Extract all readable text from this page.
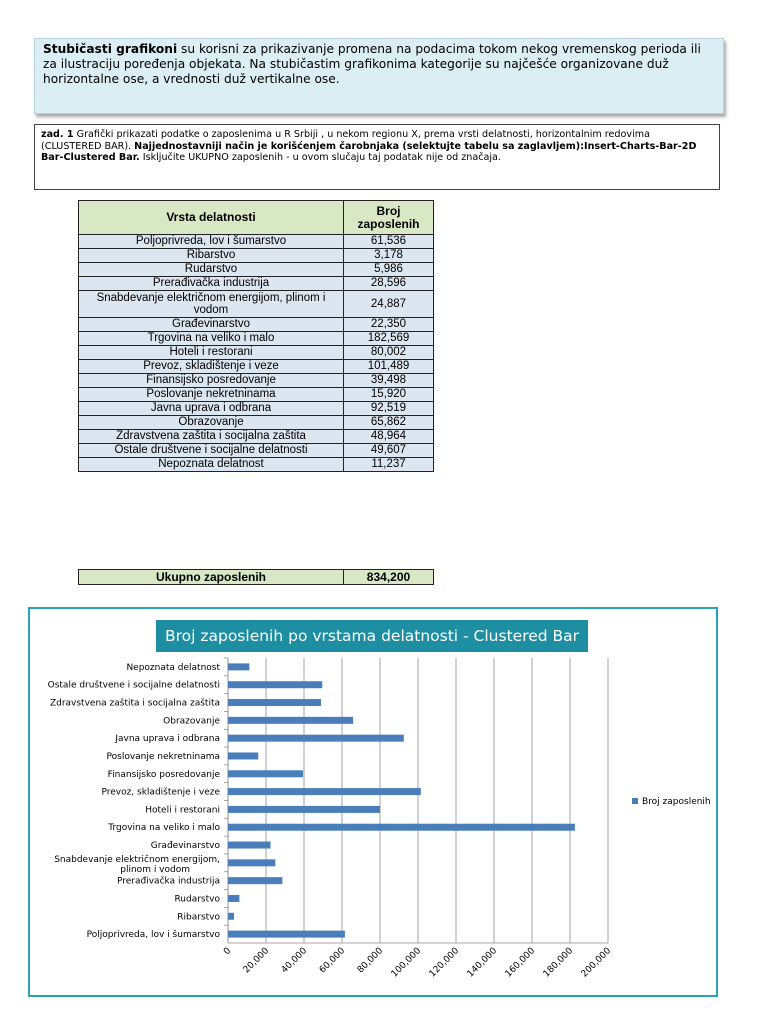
Stubičasti grafikoni su korisni za prikazivanje promena na podacima tokom nekog vremenskog perioda ili za ilustraciju poređenja objekata. Na stubičastim grafikonima kategorije su najčešće organizovane duž horizontalne ose, a vrednosti duž vertikalne ose.
zad. 1 Grafički prikazati podatke o zaposlenima u R Srbiji , u nekom regionu X, prema vrsti delatnosti, horizontalnim redovima (CLUSTERED BAR). Najjednostavniji način je korišćenjem čarobnjaka (selektujte tabelu sa zaglavljem):Insert-Charts-Bar-2D Bar-Clustered Bar. Isključite UKUPNO zaposlenih - u ovom slučaju taj podatak nije od značaja.
Vrsta delatnosti	Broj zaposlenih
Poljoprivreda, lov i šumarstvo	61,536
Ribarstvo	3,178
Rudarstvo	5,986
Prerađivačka industrija	28,596
Snabdevanje električnom energijom, plinom i vodom	24,887
Građevinarstvo	22,350
Trgovina na veliko i malo	182,569
Hoteli i restorani	80,002
Prevoz, skladištenje i veze	101,489
Finansijsko posredovanje	39,498
Poslovanje nekretninama	15,920
Javna uprava i odbrana	92,519
Obrazovanje	65,862
Zdravstvena zaštita i socijalna zaštita	48,964
Ostale društvene i socijalne delatnosti	49,607
Nepoznata delatnost	11,237
Ukupno zaposlenih	834,200
Broj zaposlenih po vrstama delatnosti - Clustered Bar
0 20,000 40,000 60,000 80,000 100,000 120,000 140,000 160,000 180,000 200,000
Poljoprivreda, lov i šumarstvo
Ribarstvo
Rudarstvo
Prerađivačka industrija
Snabdevanje električnom energijom, plinom i vodom
Građevinarstvo
Trgovina na veliko i malo
Hoteli i restorani
Prevoz, skladištenje i veze
Finansijsko posredovanje
Poslovanje nekretninama
Javna uprava i odbrana
Obrazovanje
Zdravstvena zaštita i socijalna zaštita
Ostale društvene i socijalne delatnosti
Nepoznata delatnost
Broj zaposlenih
